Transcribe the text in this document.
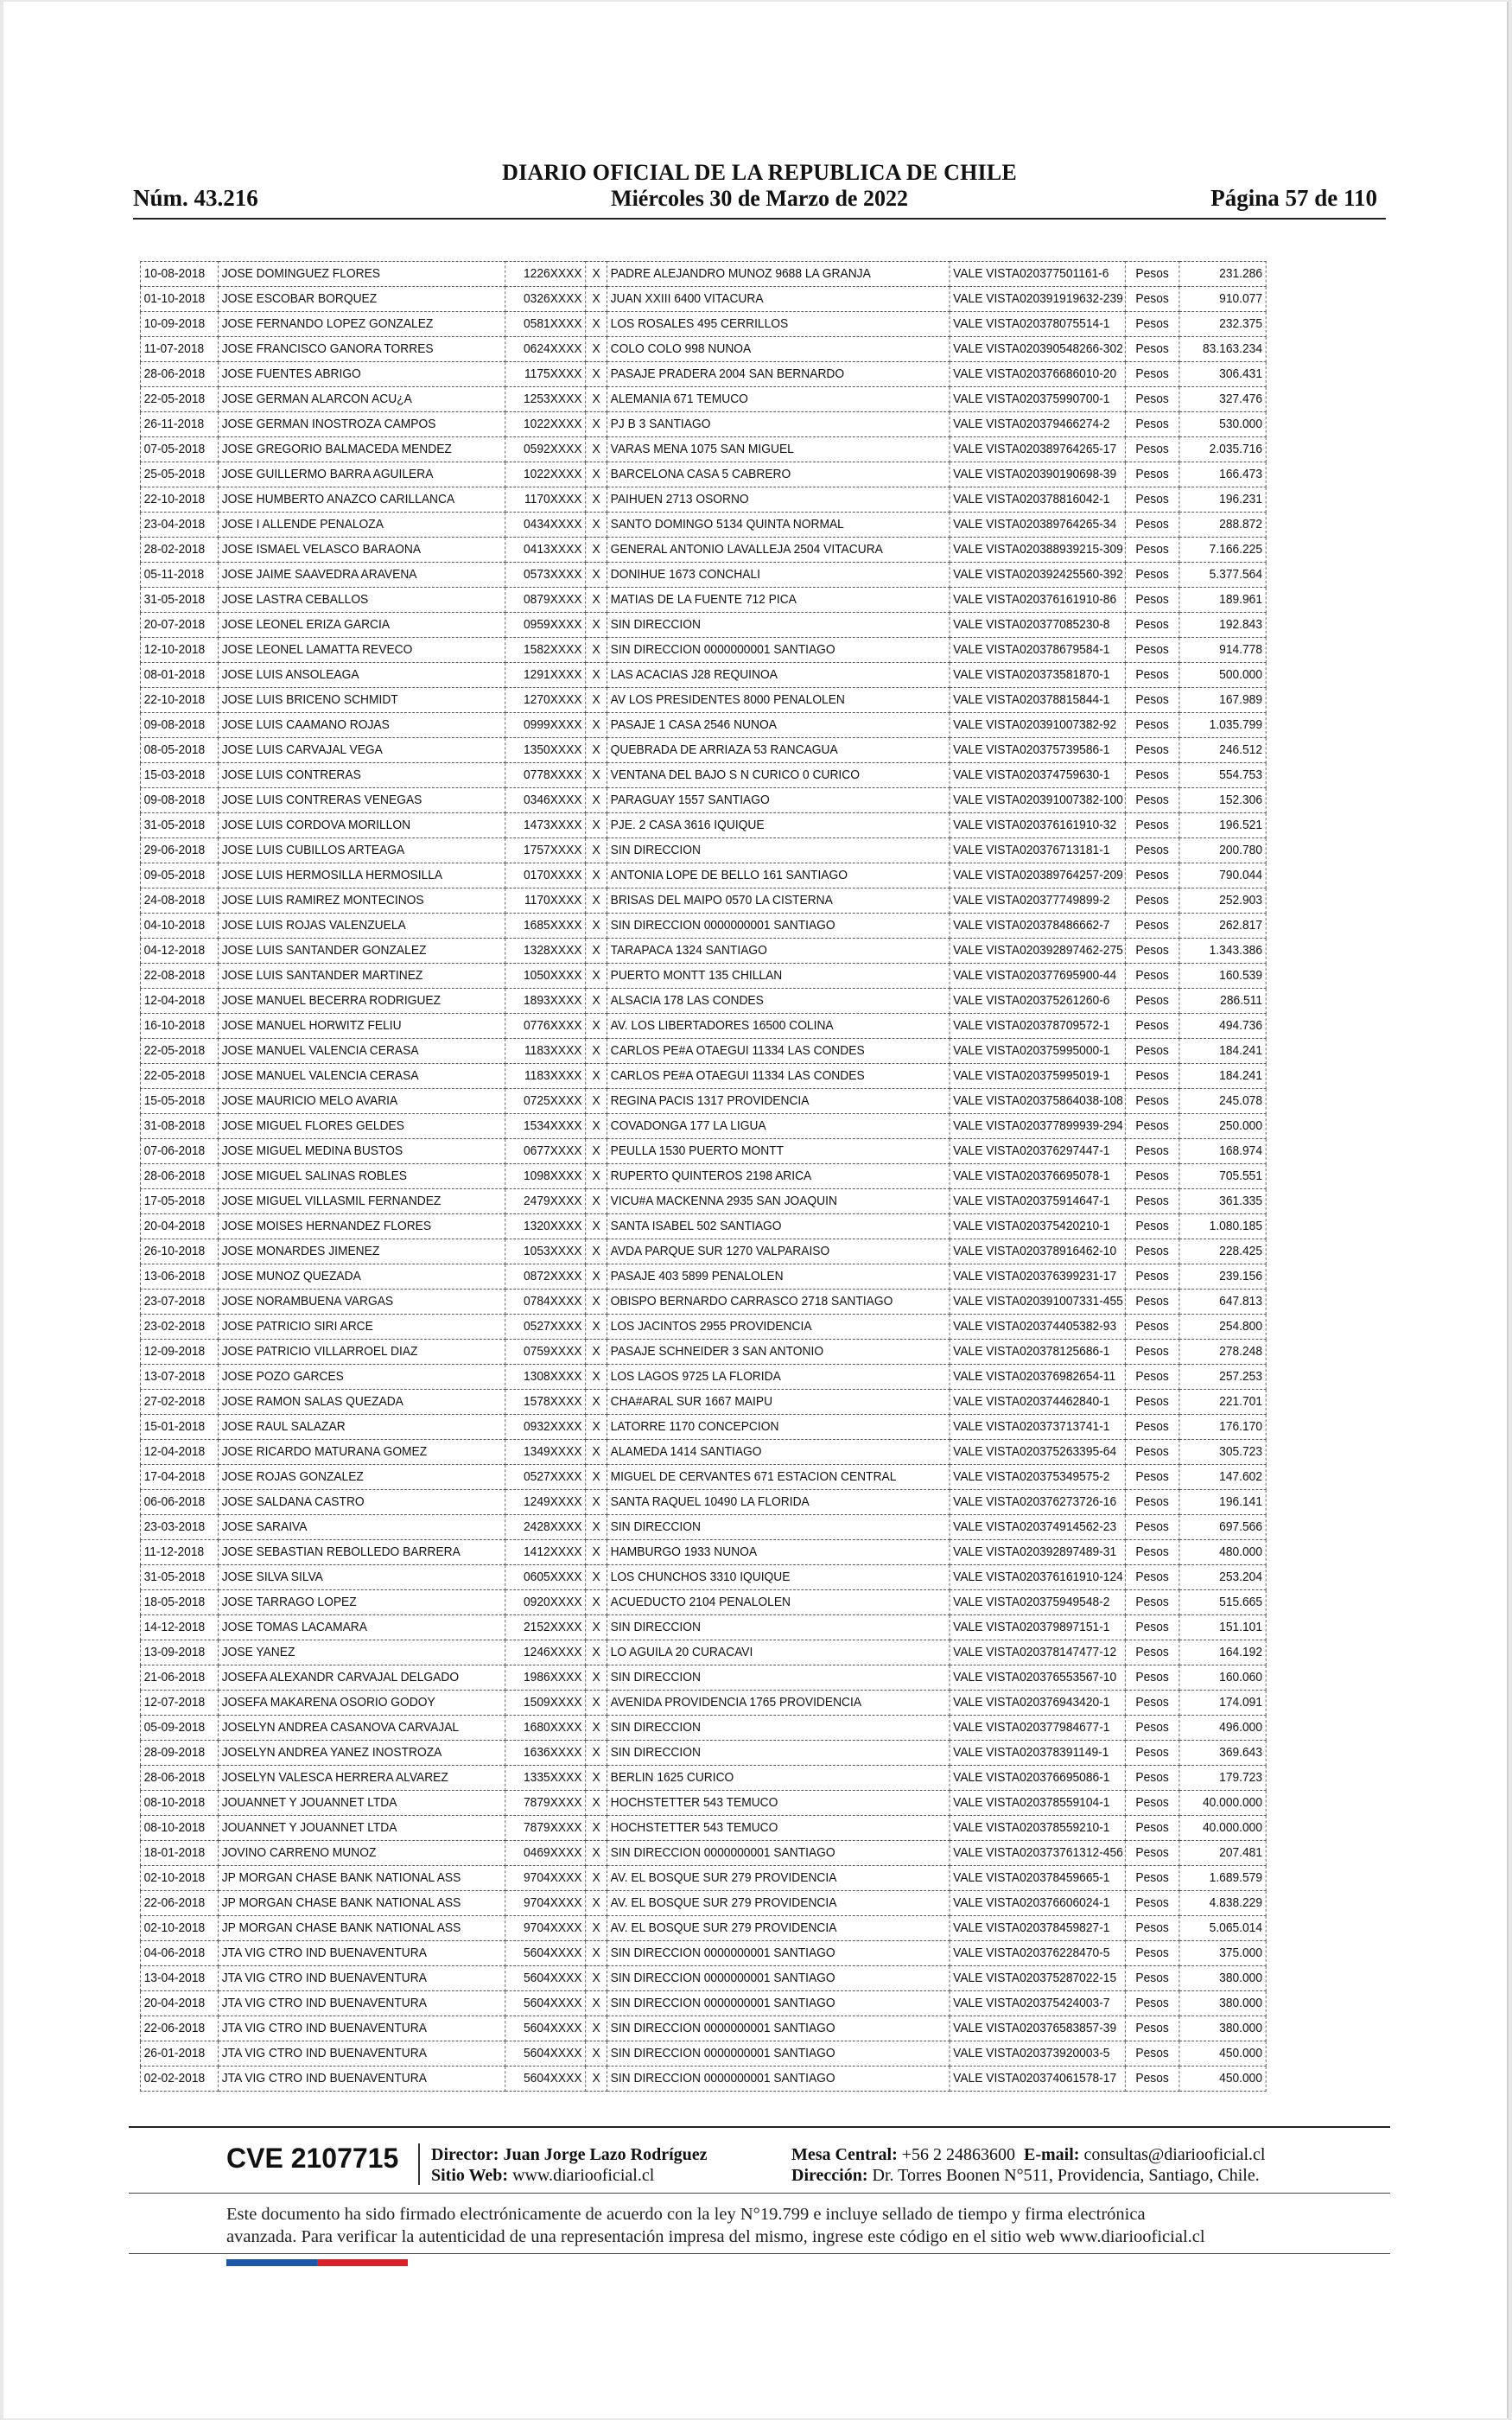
DIARIO OFICIAL DE LA REPUBLICA DE CHILE
Núm. 43.216	Miércoles 30 de Marzo de 2022	Página 57 de 110
10-08-2018	JOSE DOMINGUEZ FLORES	1226XXXX	X	PADRE ALEJANDRO MUNOZ 9688 LA GRANJA	VALE VISTA020377501161-6	Pesos	231.286
01-10-2018	JOSE ESCOBAR BORQUEZ	0326XXXX	X	JUAN XXIII 6400 VITACURA	VALE VISTA020391919632-239	Pesos	910.077
10-09-2018	JOSE FERNANDO LOPEZ GONZALEZ	0581XXXX	X	LOS ROSALES 495 CERRILLOS	VALE VISTA020378075514-1	Pesos	232.375
11-07-2018	JOSE FRANCISCO GANORA TORRES	0624XXXX	X	COLO COLO 998 NUNOA	VALE VISTA020390548266-302	Pesos	83.163.234
28-06-2018	JOSE FUENTES ABRIGO	1175XXXX	X	PASAJE PRADERA 2004 SAN BERNARDO	VALE VISTA020376686010-20	Pesos	306.431
22-05-2018	JOSE GERMAN ALARCON ACU¿A	1253XXXX	X	ALEMANIA 671 TEMUCO	VALE VISTA020375990700-1	Pesos	327.476
26-11-2018	JOSE GERMAN INOSTROZA CAMPOS	1022XXXX	X	PJ B 3 SANTIAGO	VALE VISTA020379466274-2	Pesos	530.000
07-05-2018	JOSE GREGORIO BALMACEDA MENDEZ	0592XXXX	X	VARAS MENA 1075 SAN MIGUEL	VALE VISTA020389764265-17	Pesos	2.035.716
25-05-2018	JOSE GUILLERMO BARRA AGUILERA	1022XXXX	X	BARCELONA CASA 5 CABRERO	VALE VISTA020390190698-39	Pesos	166.473
22-10-2018	JOSE HUMBERTO ANAZCO CARILLANCA	1170XXXX	X	PAIHUEN 2713 OSORNO	VALE VISTA020378816042-1	Pesos	196.231
23-04-2018	JOSE I ALLENDE PENALOZA	0434XXXX	X	SANTO DOMINGO 5134 QUINTA NORMAL	VALE VISTA020389764265-34	Pesos	288.872
28-02-2018	JOSE ISMAEL VELASCO BARAONA	0413XXXX	X	GENERAL ANTONIO LAVALLEJA 2504 VITACURA	VALE VISTA020388939215-309	Pesos	7.166.225
05-11-2018	JOSE JAIME SAAVEDRA ARAVENA	0573XXXX	X	DONIHUE 1673 CONCHALI	VALE VISTA020392425560-392	Pesos	5.377.564
31-05-2018	JOSE LASTRA CEBALLOS	0879XXXX	X	MATIAS DE LA FUENTE 712 PICA	VALE VISTA020376161910-86	Pesos	189.961
20-07-2018	JOSE LEONEL ERIZA GARCIA	0959XXXX	X	SIN DIRECCION	VALE VISTA020377085230-8	Pesos	192.843
12-10-2018	JOSE LEONEL LAMATTA REVECO	1582XXXX	X	SIN DIRECCION 0000000001 SANTIAGO	VALE VISTA020378679584-1	Pesos	914.778
08-01-2018	JOSE LUIS ANSOLEAGA	1291XXXX	X	LAS ACACIAS J28 REQUINOA	VALE VISTA020373581870-1	Pesos	500.000
22-10-2018	JOSE LUIS BRICENO SCHMIDT	1270XXXX	X	AV LOS PRESIDENTES 8000 PENALOLEN	VALE VISTA020378815844-1	Pesos	167.989
09-08-2018	JOSE LUIS CAAMANO ROJAS	0999XXXX	X	PASAJE 1 CASA 2546 NUNOA	VALE VISTA020391007382-92	Pesos	1.035.799
08-05-2018	JOSE LUIS CARVAJAL VEGA	1350XXXX	X	QUEBRADA DE ARRIAZA 53 RANCAGUA	VALE VISTA020375739586-1	Pesos	246.512
15-03-2018	JOSE LUIS CONTRERAS	0778XXXX	X	VENTANA DEL BAJO S N CURICO 0 CURICO	VALE VISTA020374759630-1	Pesos	554.753
09-08-2018	JOSE LUIS CONTRERAS VENEGAS	0346XXXX	X	PARAGUAY 1557 SANTIAGO	VALE VISTA020391007382-100	Pesos	152.306
31-05-2018	JOSE LUIS CORDOVA MORILLON	1473XXXX	X	PJE. 2 CASA 3616 IQUIQUE	VALE VISTA020376161910-32	Pesos	196.521
29-06-2018	JOSE LUIS CUBILLOS ARTEAGA	1757XXXX	X	SIN DIRECCION	VALE VISTA020376713181-1	Pesos	200.780
09-05-2018	JOSE LUIS HERMOSILLA HERMOSILLA	0170XXXX	X	ANTONIA LOPE DE BELLO 161 SANTIAGO	VALE VISTA020389764257-209	Pesos	790.044
24-08-2018	JOSE LUIS RAMIREZ MONTECINOS	1170XXXX	X	BRISAS DEL MAIPO 0570 LA CISTERNA	VALE VISTA020377749899-2	Pesos	252.903
04-10-2018	JOSE LUIS ROJAS VALENZUELA	1685XXXX	X	SIN DIRECCION 0000000001 SANTIAGO	VALE VISTA020378486662-7	Pesos	262.817
04-12-2018	JOSE LUIS SANTANDER GONZALEZ	1328XXXX	X	TARAPACA 1324 SANTIAGO	VALE VISTA020392897462-275	Pesos	1.343.386
22-08-2018	JOSE LUIS SANTANDER MARTINEZ	1050XXXX	X	PUERTO MONTT 135 CHILLAN	VALE VISTA020377695900-44	Pesos	160.539
12-04-2018	JOSE MANUEL BECERRA RODRIGUEZ	1893XXXX	X	ALSACIA 178 LAS CONDES	VALE VISTA020375261260-6	Pesos	286.511
16-10-2018	JOSE MANUEL HORWITZ FELIU	0776XXXX	X	AV. LOS LIBERTADORES 16500 COLINA	VALE VISTA020378709572-1	Pesos	494.736
22-05-2018	JOSE MANUEL VALENCIA CERASA	1183XXXX	X	CARLOS PE#A OTAEGUI 11334 LAS CONDES	VALE VISTA020375995000-1	Pesos	184.241
22-05-2018	JOSE MANUEL VALENCIA CERASA	1183XXXX	X	CARLOS PE#A OTAEGUI 11334 LAS CONDES	VALE VISTA020375995019-1	Pesos	184.241
15-05-2018	JOSE MAURICIO MELO AVARIA	0725XXXX	X	REGINA PACIS 1317 PROVIDENCIA	VALE VISTA020375864038-108	Pesos	245.078
31-08-2018	JOSE MIGUEL FLORES GELDES	1534XXXX	X	COVADONGA 177 LA LIGUA	VALE VISTA020377899939-294	Pesos	250.000
07-06-2018	JOSE MIGUEL MEDINA BUSTOS	0677XXXX	X	PEULLA 1530 PUERTO MONTT	VALE VISTA020376297447-1	Pesos	168.974
28-06-2018	JOSE MIGUEL SALINAS ROBLES	1098XXXX	X	RUPERTO QUINTEROS 2198 ARICA	VALE VISTA020376695078-1	Pesos	705.551
17-05-2018	JOSE MIGUEL VILLASMIL FERNANDEZ	2479XXXX	X	VICU#A MACKENNA 2935 SAN JOAQUIN	VALE VISTA020375914647-1	Pesos	361.335
20-04-2018	JOSE MOISES HERNANDEZ FLORES	1320XXXX	X	SANTA ISABEL 502 SANTIAGO	VALE VISTA020375420210-1	Pesos	1.080.185
26-10-2018	JOSE MONARDES JIMENEZ	1053XXXX	X	AVDA PARQUE SUR 1270 VALPARAISO	VALE VISTA020378916462-10	Pesos	228.425
13-06-2018	JOSE MUNOZ QUEZADA	0872XXXX	X	PASAJE 403 5899 PENALOLEN	VALE VISTA020376399231-17	Pesos	239.156
23-07-2018	JOSE NORAMBUENA VARGAS	0784XXXX	X	OBISPO BERNARDO CARRASCO 2718 SANTIAGO	VALE VISTA020391007331-455	Pesos	647.813
23-02-2018	JOSE PATRICIO SIRI ARCE	0527XXXX	X	LOS JACINTOS 2955 PROVIDENCIA	VALE VISTA020374405382-93	Pesos	254.800
12-09-2018	JOSE PATRICIO VILLARROEL DIAZ	0759XXXX	X	PASAJE SCHNEIDER 3 SAN ANTONIO	VALE VISTA020378125686-1	Pesos	278.248
13-07-2018	JOSE POZO GARCES	1308XXXX	X	LOS LAGOS 9725 LA FLORIDA	VALE VISTA020376982654-11	Pesos	257.253
27-02-2018	JOSE RAMON SALAS QUEZADA	1578XXXX	X	CHA#ARAL SUR 1667 MAIPU	VALE VISTA020374462840-1	Pesos	221.701
15-01-2018	JOSE RAUL SALAZAR	0932XXXX	X	LATORRE 1170 CONCEPCION	VALE VISTA020373713741-1	Pesos	176.170
12-04-2018	JOSE RICARDO MATURANA GOMEZ	1349XXXX	X	ALAMEDA 1414 SANTIAGO	VALE VISTA020375263395-64	Pesos	305.723
17-04-2018	JOSE ROJAS GONZALEZ	0527XXXX	X	MIGUEL DE CERVANTES 671 ESTACION CENTRAL	VALE VISTA020375349575-2	Pesos	147.602
06-06-2018	JOSE SALDANA CASTRO	1249XXXX	X	SANTA RAQUEL 10490 LA FLORIDA	VALE VISTA020376273726-16	Pesos	196.141
23-03-2018	JOSE SARAIVA	2428XXXX	X	SIN DIRECCION	VALE VISTA020374914562-23	Pesos	697.566
11-12-2018	JOSE SEBASTIAN REBOLLEDO BARRERA	1412XXXX	X	HAMBURGO 1933 NUNOA	VALE VISTA020392897489-31	Pesos	480.000
31-05-2018	JOSE SILVA SILVA	0605XXXX	X	LOS CHUNCHOS 3310 IQUIQUE	VALE VISTA020376161910-124	Pesos	253.204
18-05-2018	JOSE TARRAGO LOPEZ	0920XXXX	X	ACUEDUCTO 2104 PENALOLEN	VALE VISTA020375949548-2	Pesos	515.665
14-12-2018	JOSE TOMAS LACAMARA	2152XXXX	X	SIN DIRECCION	VALE VISTA020379897151-1	Pesos	151.101
13-09-2018	JOSE YANEZ	1246XXXX	X	LO AGUILA 20 CURACAVI	VALE VISTA020378147477-12	Pesos	164.192
21-06-2018	JOSEFA ALEXANDR CARVAJAL DELGADO	1986XXXX	X	SIN DIRECCION	VALE VISTA020376553567-10	Pesos	160.060
12-07-2018	JOSEFA MAKARENA OSORIO GODOY	1509XXXX	X	AVENIDA PROVIDENCIA 1765 PROVIDENCIA	VALE VISTA020376943420-1	Pesos	174.091
05-09-2018	JOSELYN ANDREA CASANOVA CARVAJAL	1680XXXX	X	SIN DIRECCION	VALE VISTA020377984677-1	Pesos	496.000
28-09-2018	JOSELYN ANDREA YANEZ INOSTROZA	1636XXXX	X	SIN DIRECCION	VALE VISTA020378391149-1	Pesos	369.643
28-06-2018	JOSELYN VALESCA HERRERA ALVAREZ	1335XXXX	X	BERLIN 1625 CURICO	VALE VISTA020376695086-1	Pesos	179.723
08-10-2018	JOUANNET Y JOUANNET LTDA	7879XXXX	X	HOCHSTETTER 543 TEMUCO	VALE VISTA020378559104-1	Pesos	40.000.000
08-10-2018	JOUANNET Y JOUANNET LTDA	7879XXXX	X	HOCHSTETTER 543 TEMUCO	VALE VISTA020378559210-1	Pesos	40.000.000
18-01-2018	JOVINO CARRENO MUNOZ	0469XXXX	X	SIN DIRECCION 0000000001 SANTIAGO	VALE VISTA020373761312-456	Pesos	207.481
02-10-2018	JP MORGAN CHASE BANK NATIONAL ASS	9704XXXX	X	AV. EL BOSQUE SUR 279 PROVIDENCIA	VALE VISTA020378459665-1	Pesos	1.689.579
22-06-2018	JP MORGAN CHASE BANK NATIONAL ASS	9704XXXX	X	AV. EL BOSQUE SUR 279 PROVIDENCIA	VALE VISTA020376606024-1	Pesos	4.838.229
02-10-2018	JP MORGAN CHASE BANK NATIONAL ASS	9704XXXX	X	AV. EL BOSQUE SUR 279 PROVIDENCIA	VALE VISTA020378459827-1	Pesos	5.065.014
04-06-2018	JTA VIG CTRO IND BUENAVENTURA	5604XXXX	X	SIN DIRECCION 0000000001 SANTIAGO	VALE VISTA020376228470-5	Pesos	375.000
13-04-2018	JTA VIG CTRO IND BUENAVENTURA	5604XXXX	X	SIN DIRECCION 0000000001 SANTIAGO	VALE VISTA020375287022-15	Pesos	380.000
20-04-2018	JTA VIG CTRO IND BUENAVENTURA	5604XXXX	X	SIN DIRECCION 0000000001 SANTIAGO	VALE VISTA020375424003-7	Pesos	380.000
22-06-2018	JTA VIG CTRO IND BUENAVENTURA	5604XXXX	X	SIN DIRECCION 0000000001 SANTIAGO	VALE VISTA020376583857-39	Pesos	380.000
26-01-2018	JTA VIG CTRO IND BUENAVENTURA	5604XXXX	X	SIN DIRECCION 0000000001 SANTIAGO	VALE VISTA020373920003-5	Pesos	450.000
02-02-2018	JTA VIG CTRO IND BUENAVENTURA	5604XXXX	X	SIN DIRECCION 0000000001 SANTIAGO	VALE VISTA020374061578-17	Pesos	450.000
CVE 2107715 Director: Juan Jorge Lazo Rodríguez
Sitio Web: www.diariooficial.cl
Mesa Central: +56 2 24863600 E-mail: consultas@diariooficial.cl
Dirección: Dr. Torres Boonen N°511, Providencia, Santiago, Chile.
Este documento ha sido firmado electrónicamente de acuerdo con la ley N°19.799 e incluye sellado de tiempo y firma electrónica
avanzada. Para verificar la autenticidad de una representación impresa del mismo, ingrese este código en el sitio web www.diariooficial.cl
